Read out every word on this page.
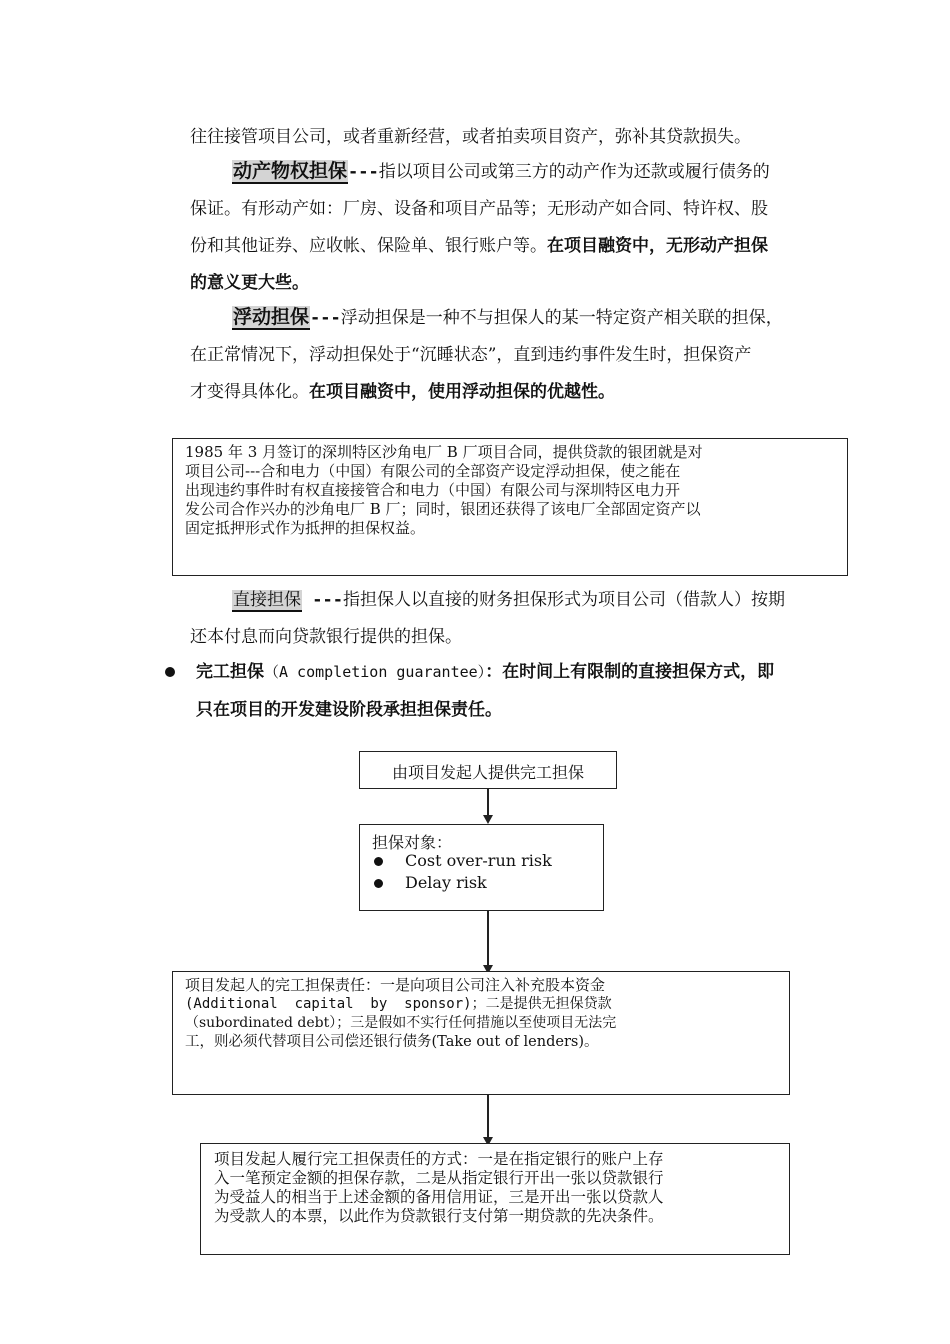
往往接管项目公司，或者重新经营，或者拍卖项目资产，弥补其贷款损失。
动产物权担保---指以项目公司或第三方的动产作为还款或履行债务的
保证。有形动产如：厂房、设备和项目产品等；无形动产如合同、特许权、股
份和其他证券、应收帐、保险单、银行账户等。在项目融资中，无形动产担保
的意义更大些。
浮动担保---浮动担保是一种不与担保人的某一特定资产相关联的担保，
在正常情况下，浮动担保处于“沉睡状态”，直到违约事件发生时，担保资产
才变得具体化。在项目融资中，使用浮动担保的优越性。
1985 年 3 月签订的深圳特区沙角电厂 B 厂项目合同，提供贷款的银团就是对
项目公司---合和电力（中国）有限公司的全部资产设定浮动担保，使之能在
出现违约事件时有权直接接管合和电力（中国）有限公司与深圳特区电力开
发公司合作兴办的沙角电厂 B 厂；同时，银团还获得了该电厂全部固定资产以
固定抵押形式作为抵押的担保权益。
直接担保 ---指担保人以直接的财务担保形式为项目公司（借款人）按期
还本付息而向贷款银行提供的担保。
完工担保（A completion guarantee）：在时间上有限制的直接担保方式，即
只在项目的开发建设阶段承担担保责任。
由项目发起人提供完工担保
担保对象：
Cost over-run risk
Delay risk
项目发起人的完工担保责任：一是向项目公司注入补充股本资金
(Additional  capital  by  sponsor)；二是提供无担保贷款
（subordinated debt）；三是假如不实行任何措施以至使项目无法完
工，则必须代替项目公司偿还银行债务(Take out of lenders)。
项目发起人履行完工担保责任的方式：一是在指定银行的账户上存
入一笔预定金额的担保存款，二是从指定银行开出一张以贷款银行
为受益人的相当于上述金额的备用信用证，三是开出一张以贷款人
为受款人的本票，以此作为贷款银行支付第一期贷款的先决条件。
